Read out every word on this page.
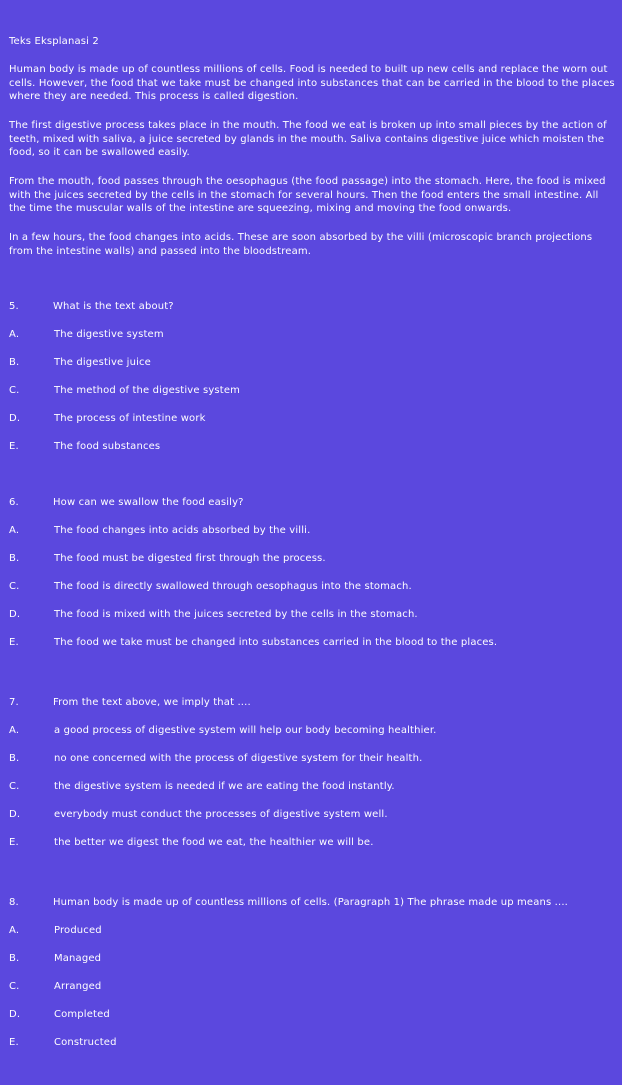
Teks Eksplanasi 2

Human body is made up of countless millions of cells. Food is needed to built up new cells and replace the worn out cells. However, the food that we take must be changed into substances that can be carried in the blood to the places where they are needed. This process is called digestion.

The first digestive process takes place in the mouth. The food we eat is broken up into small pieces by the action of teeth, mixed with saliva, a juice secreted by glands in the mouth. Saliva contains digestive juice which moisten the food, so it can be swallowed easily.

From the mouth, food passes through the oesophagus (the food passage) into the stomach. Here, the food is mixed with the juices secreted by the cells in the stomach for several hours. Then the food enters the small intestine. All the time the muscular walls of the intestine are squeezing, mixing and moving the food onwards.

In a few hours, the food changes into acids. These are soon absorbed by the villi (microscopic branch projections from the intestine walls) and passed into the bloodstream.

5.	What is the text about?
A.	The digestive system
B.	The digestive juice
C.	The method of the digestive system
D.	The process of intestine work
E.	The food substances
6.	How can we swallow the food easily?
A.	The food changes into acids absorbed by the villi.
B.	The food must be digested first through the process.
C.	The food is directly swallowed through oesophagus into the stomach.
D.	The food is mixed with the juices secreted by the cells in the stomach.
E.	The food we take must be changed into substances carried in the blood to the places.
7.	From the text above, we imply that ....
A.	a good process of digestive system will help our body becoming healthier.
B.	no one concerned with the process of digestive system for their health.
C.	the digestive system is needed if we are eating the food instantly.
D.	everybody must conduct the processes of digestive system well.
E.	the better we digest the food we eat, the healthier we will be.
8.	Human body is made up of countless millions of cells. (Paragraph 1) The phrase made up means ....
A.	Produced
B.	Managed
C.	Arranged
D.	Completed
E.	Constructed
